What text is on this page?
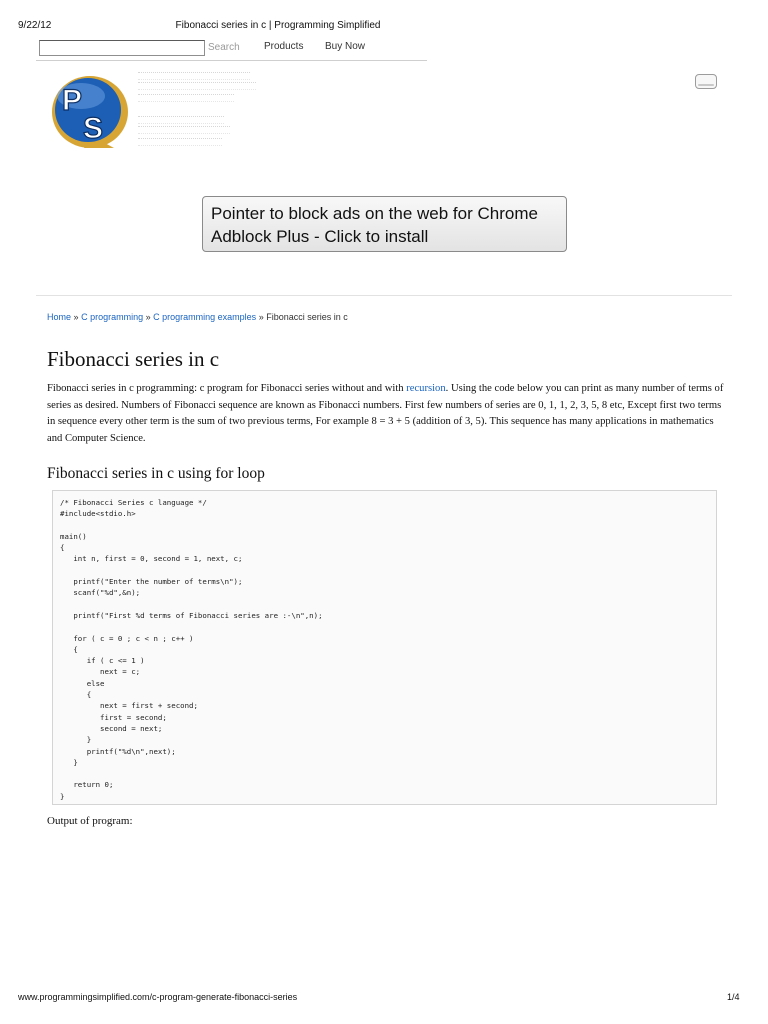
9/22/12	Fibonacci series in c | Programming Simplified
Search Products Buy Now
P
S
Pointer to block ads on the web for Chrome
Adblock Plus - Click to install
Home » C programming » C programming examples » Fibonacci series in c
Fibonacci series in c

Fibonacci series in c programming: c program for Fibonacci series without and with recursion. Using the code below you can print as many number of terms of series as desired. Numbers of Fibonacci sequence are known as Fibonacci numbers. First few numbers of series are 0, 1, 1, 2, 3, 5, 8 etc, Except first two terms in sequence every other term is the sum of two previous terms, For example 8 = 3 + 5 (addition of 3, 5). This sequence has many applications in mathematics and Computer Science.

Fibonacci series in c using for loop
/* Fibonacci Series c language */
#include<stdio.h>

main()
{
int n, first = 0, second = 1, next, c;

printf("Enter the number of terms\n");
scanf("%d",&n);

printf("First %d terms of Fibonacci series are :-\n",n);

for ( c = 0 ; c < n ; c++ )
{
if ( c <= 1 )
next = c;
else
{
next = first + second;
first = second;
second = next;
}
printf("%d\n",next);
}

return 0;
}

Output of program:

www.programmingsimplified.com/c-program-generate-fibonacci-series	1/4
